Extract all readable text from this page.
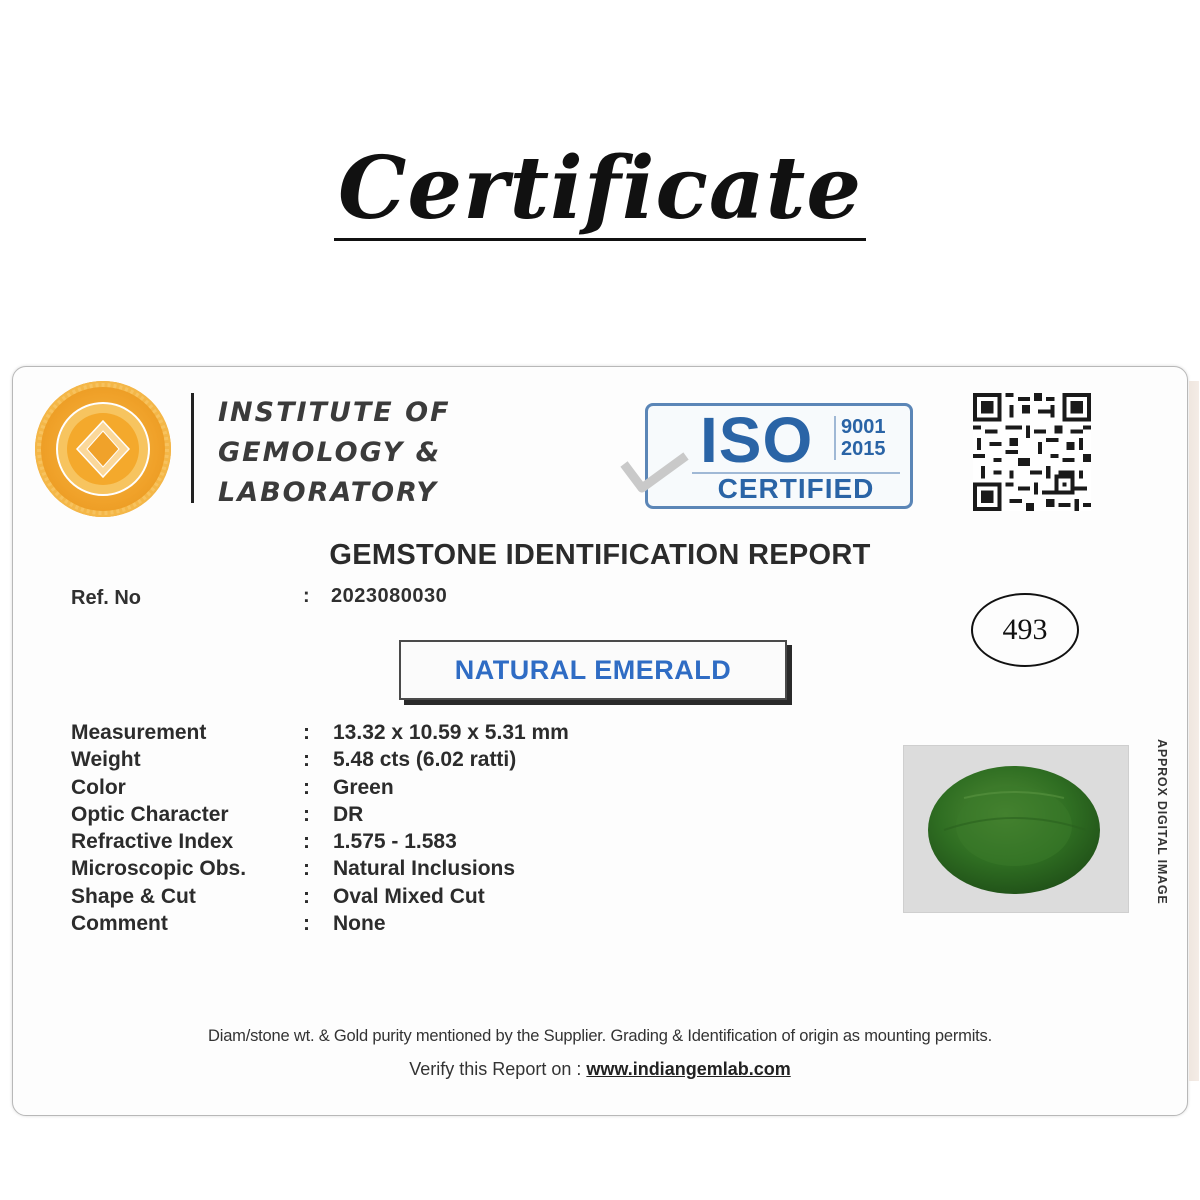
Certificate
INSTITUTE OF
GEMOLOGY &
LABORATORY
ISO 9001
2015
CERTIFIED
GEMSTONE IDENTIFICATION REPORT
Ref. No	: 2023080030
493
NATURAL EMERALD
Measurement	: 13.32 x 10.59 x 5.31 mm
Weight	: 5.48 cts (6.02 ratti)
Color	: Green
Optic Character	: DR
Refractive Index	: 1.575 - 1.583
Microscopic Obs.	: Natural Inclusions
Shape & Cut	: Oval Mixed Cut
Comment	: None
APPROX DIGITAL IMAGE
Diam/stone wt. & Gold purity mentioned by the Supplier. Grading & Identification of origin as mounting permits.
Verify this Report on : www.indiangemlab.com
